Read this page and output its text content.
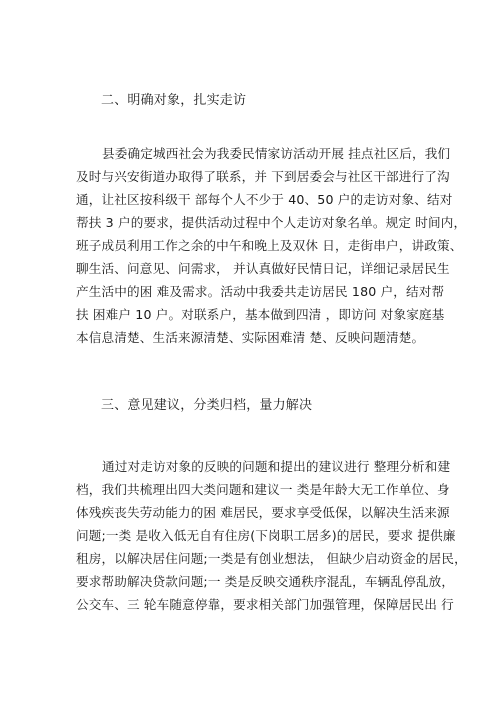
二、明确对象，扎实走访
县委确定城西社会为我委民情家访活动开展 挂点社区后，我们
及时与兴安街道办取得了联系，并 下到居委会与社区干部进行了沟
通，让社区按科级干 部每个人不少于 40、50 户的走访对象、结对
帮扶 3 户的要求，提供活动过程中个人走访对象名单。规定 时间内，
班子成员利用工作之余的中午和晚上及双休 日，走街串户，讲政策、
聊生活、问意见、问需求， 并认真做好民情日记，详细记录居民生
产生活中的困 难及需求。活动中我委共走访居民 180 户，结对帮
扶 困难户 10 户。对联系户，基本做到四清 ，即访问 对象家庭基
本信息清楚、生活来源清楚、实际困难清 楚、反映问题清楚。
三、意见建议，分类归档，量力解决
通过对走访对象的反映的问题和提出的建议进行 整理分析和建
档，我们共梳理出四大类问题和建议一 类是年龄大无工作单位、身
体残疾丧失劳动能力的困 难居民，要求享受低保，以解决生活来源
问题;一类 是收入低无自有住房(下岗职工居多)的居民，要求 提供廉
租房，以解决居住问题;一类是有创业想法， 但缺少启动资金的居民，
要求帮助解决贷款问题;一 类是反映交通秩序混乱，车辆乱停乱放，
公交车、三 轮车随意停靠，要求相关部门加强管理，保障居民出 行
